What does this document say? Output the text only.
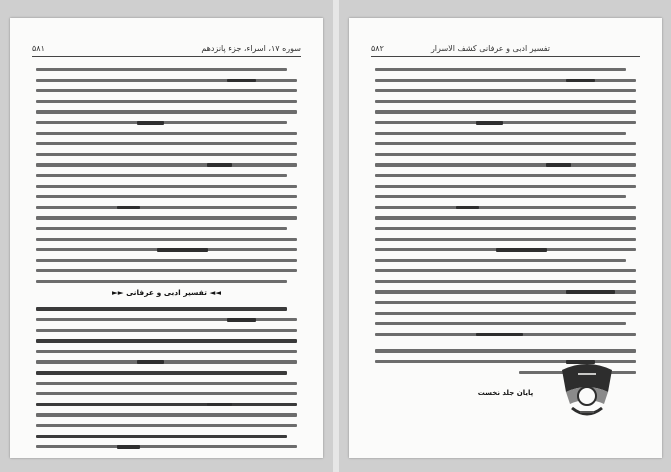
سوره ۱۷، اسراء، جزء پانزدهم
۵۸۱
◄◄ تفسیر ادبی و عرفانی ►►
۵۸۲	تفسیر ادبی و عرفانی کشف الاسرار
پایان جلد نخست
